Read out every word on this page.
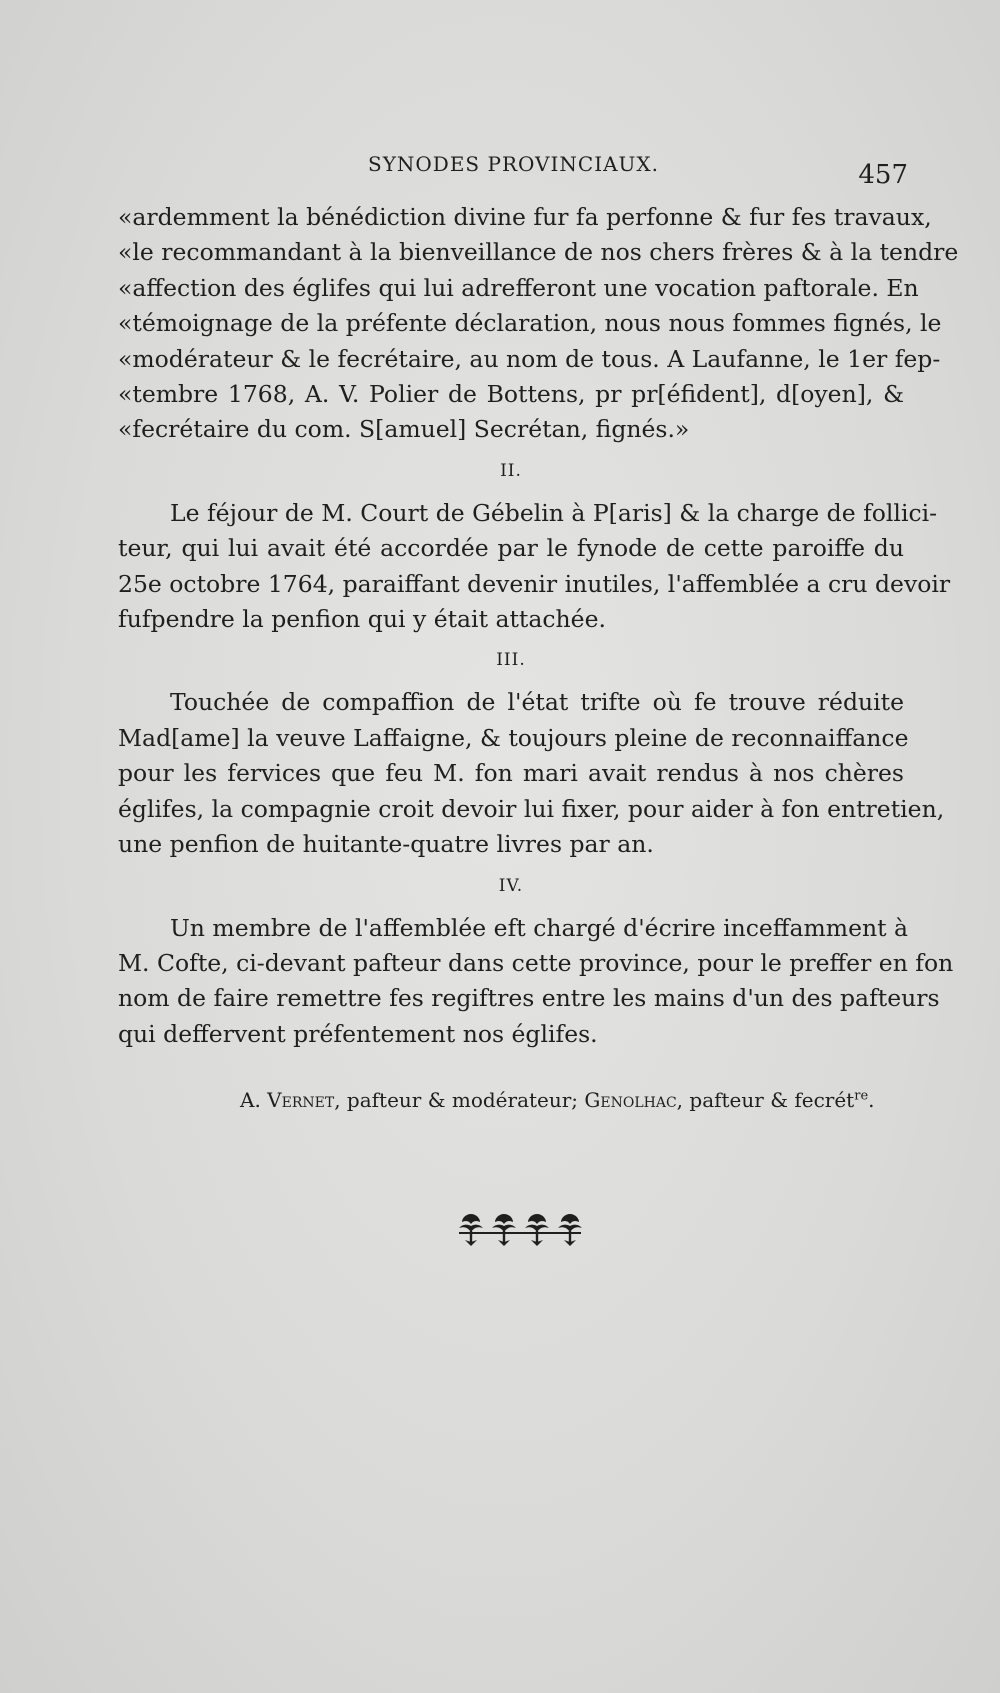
SYNODES PROVINCIAUX.	457

«ardemment la bénédiction divine fur fa perfonne & fur fes travaux,
«le recommandant à la bienveillance de nos chers frères & à la tendre
«affection des églifes qui lui adrefferont une vocation paftorale. En
«témoignage de la préfente déclaration, nous nous fommes fignés, le
«modérateur & le fecrétaire, au nom de tous. A Laufanne, le 1er fep-
«tembre 1768, A. V. Polier de Bottens, pr pr[éfident], d[oyen], &
«fecrétaire du com. S[amuel] Secrétan, fignés.»

II.

Le féjour de M. Court de Gébelin à P[aris] & la charge de follici-
teur, qui lui avait été accordée par le fynode de cette paroiffe du
25e octobre 1764, paraiffant devenir inutiles, l'affemblée a cru devoir
fufpendre la penfion qui y était attachée.

III.

Touchée de compaffion de l'état trifte où fe trouve réduite
Mad[ame] la veuve Laffaigne, & toujours pleine de reconnaiffance
pour les fervices que feu M. fon mari avait rendus à nos chères
églifes, la compagnie croit devoir lui fixer, pour aider à fon entretien,
une penfion de huitante-quatre livres par an.

IV.

Un membre de l'affemblée eft chargé d'écrire inceffamment à
M. Cofte, ci-devant pafteur dans cette province, pour le preffer en fon
nom de faire remettre fes regiftres entre les mains d'un des pafteurs
qui deffervent préfentement nos églifes.

A. Vernet, pafteur & modérateur; Genolhac, pafteur & fecrét$^{re}$.
